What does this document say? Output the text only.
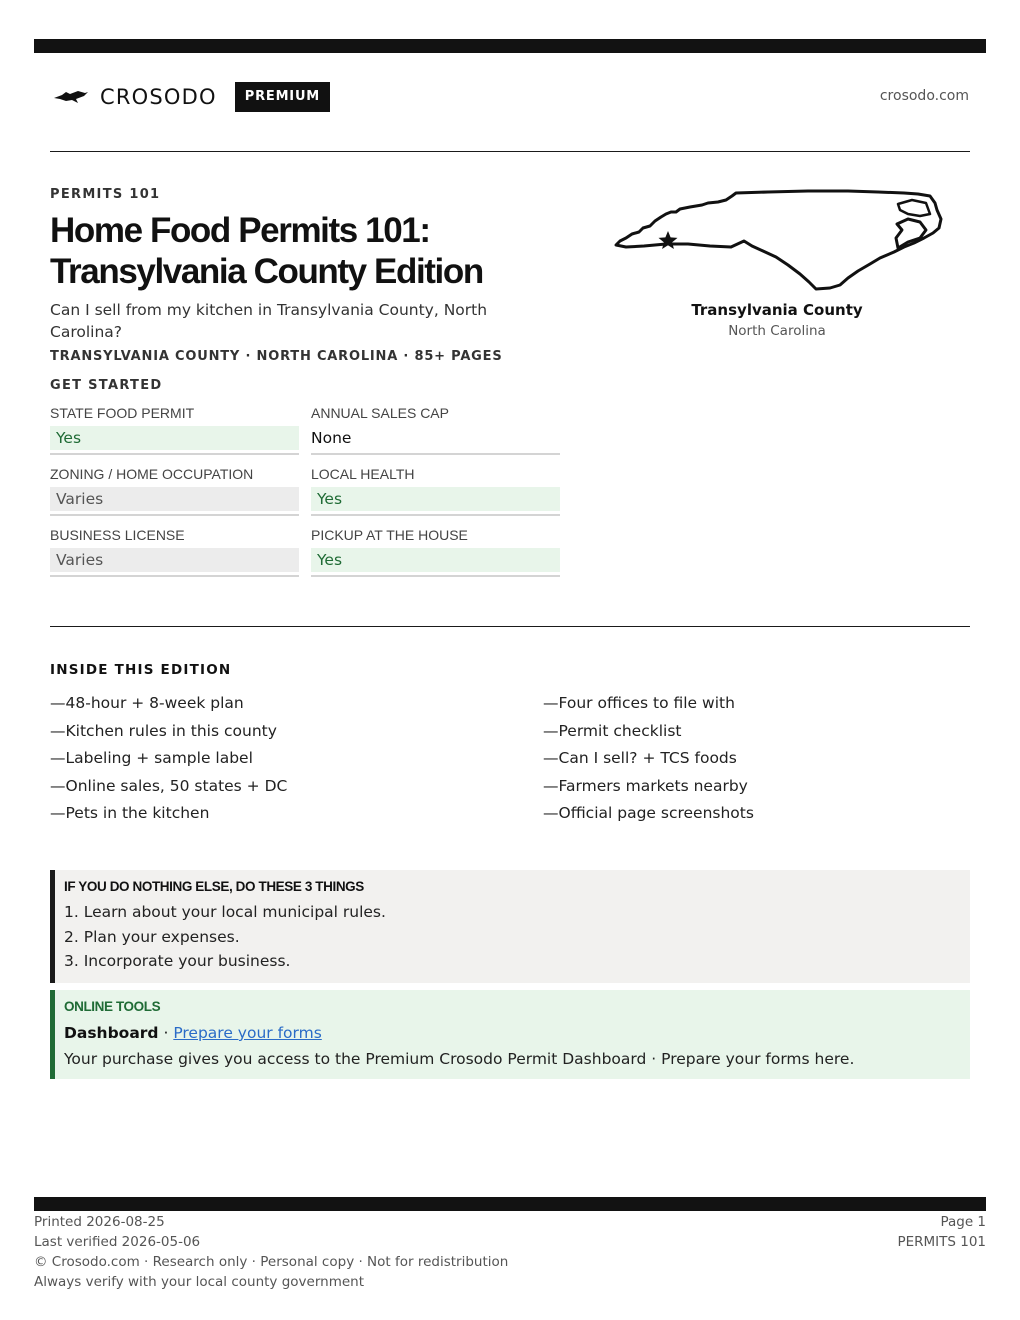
CROSODO	PREMIUM	crosodo.com
PERMITS 101
Home Food Permits 101:
Transylvania County Edition

Can I sell from my kitchen in Transylvania County, North Carolina?

TRANSYLVANIA COUNTY · NORTH CAROLINA · 85+ PAGES
GET STARTED
STATE FOOD PERMIT
Yes
ANNUAL SALES CAP
None
ZONING / HOME OCCUPATION
Varies
LOCAL HEALTH
Yes
BUSINESS LICENSE
Varies
PICKUP AT THE HOUSE
Yes
Transylvania County
North Carolina
INSIDE THIS EDITION
—48-hour + 8-week plan
—Kitchen rules in this county
—Labeling + sample label
—Online sales, 50 states + DC
—Pets in the kitchen
—Four offices to file with
—Permit checklist
—Can I sell? + TCS foods
—Farmers markets nearby
—Official page screenshots
IF YOU DO NOTHING ELSE, DO THESE 3 THINGS
1. Learn about your local municipal rules.
2. Plan your expenses.
3. Incorporate your business.
ONLINE TOOLS
Dashboard · Prepare your forms
Your purchase gives you access to the Premium Crosodo Permit Dashboard · Prepare your forms here.
Printed 2026-08-25
Last verified 2026-05-06
© Crosodo.com · Research only · Personal copy · Not for redistribution
Always verify with your local county government
Page 1
PERMITS 101
